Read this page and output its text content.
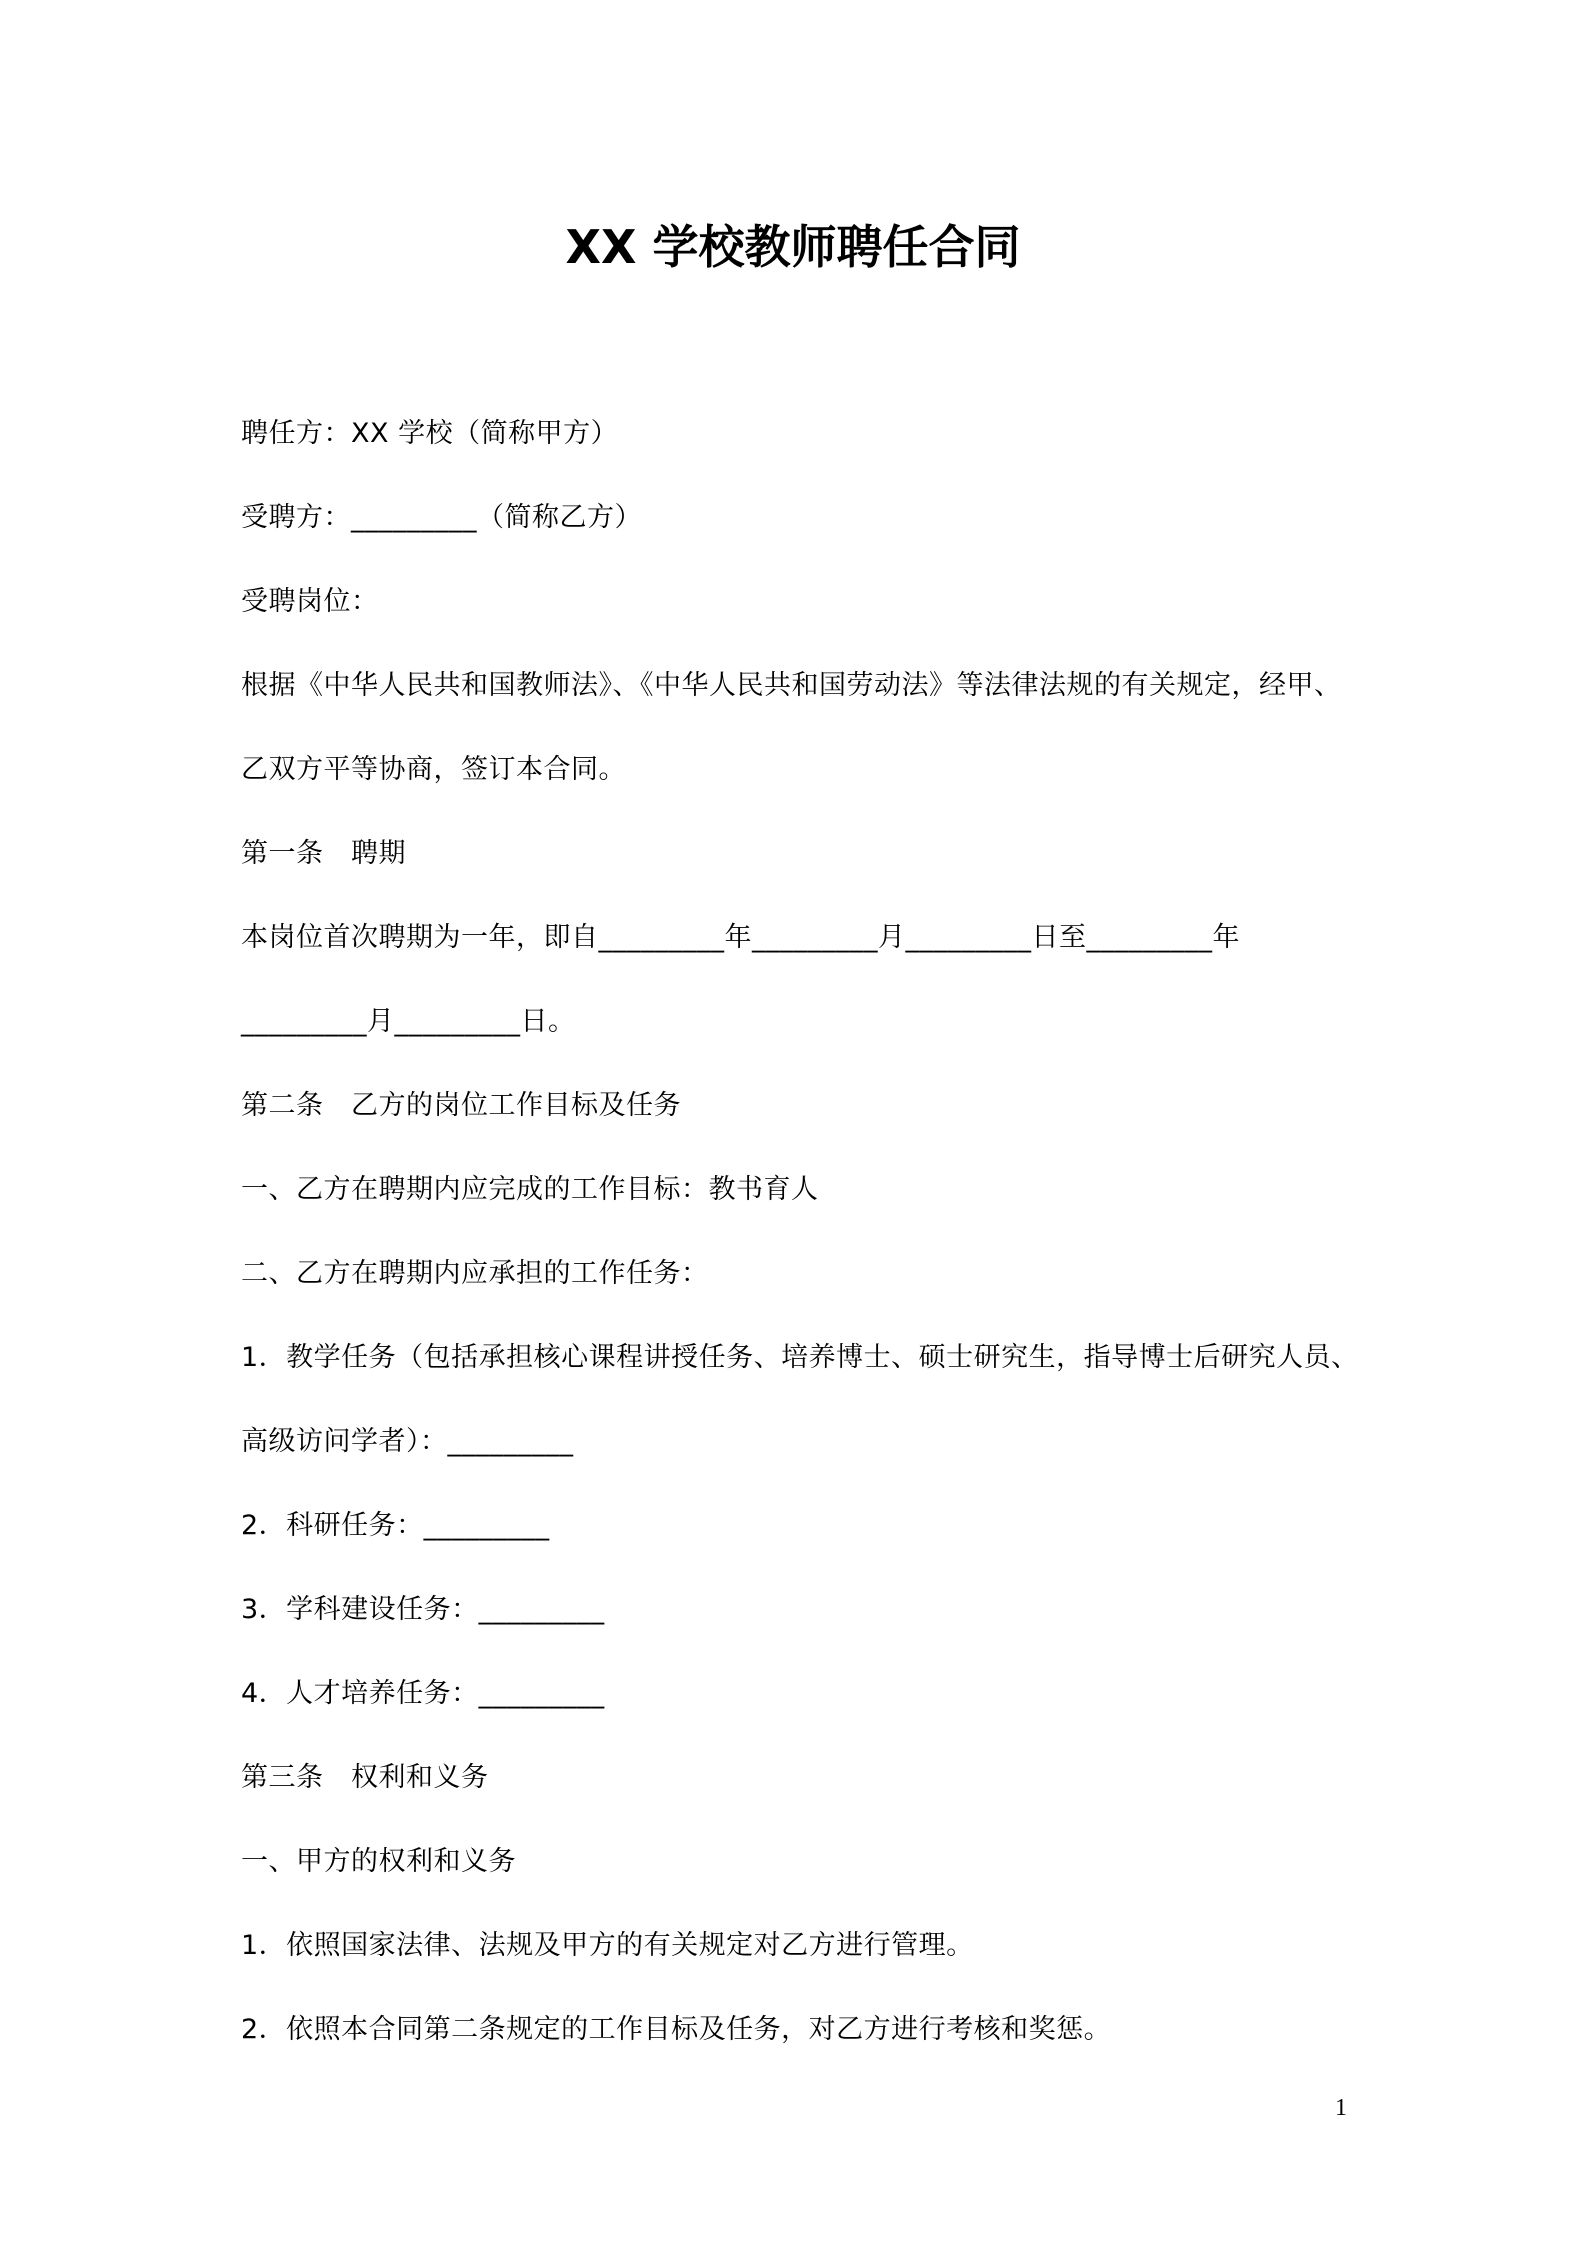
XX 学校教师聘任合同
聘任方：XX 学校（简称甲方）
受聘方：_________（简称乙方）
受聘岗位：
根据《中华人民共和国教师法》、《中华人民共和国劳动法》等法律法规的有关规定，经甲、
乙双方平等协商，签订本合同。
第一条　聘期
本岗位首次聘期为一年，即自_________年_________月_________日至_________年
_________月_________日。
第二条　乙方的岗位工作目标及任务
一、乙方在聘期内应完成的工作目标：教书育人
二、乙方在聘期内应承担的工作任务：
1．教学任务（包括承担核心课程讲授任务、培养博士、硕士研究生，指导博士后研究人员、
高级访问学者）：_________
2．科研任务：_________
3．学科建设任务：_________
4．人才培养任务：_________
第三条　权利和义务
一、甲方的权利和义务
1．依照国家法律、法规及甲方的有关规定对乙方进行管理。
2．依照本合同第二条规定的工作目标及任务，对乙方进行考核和奖惩。
1
